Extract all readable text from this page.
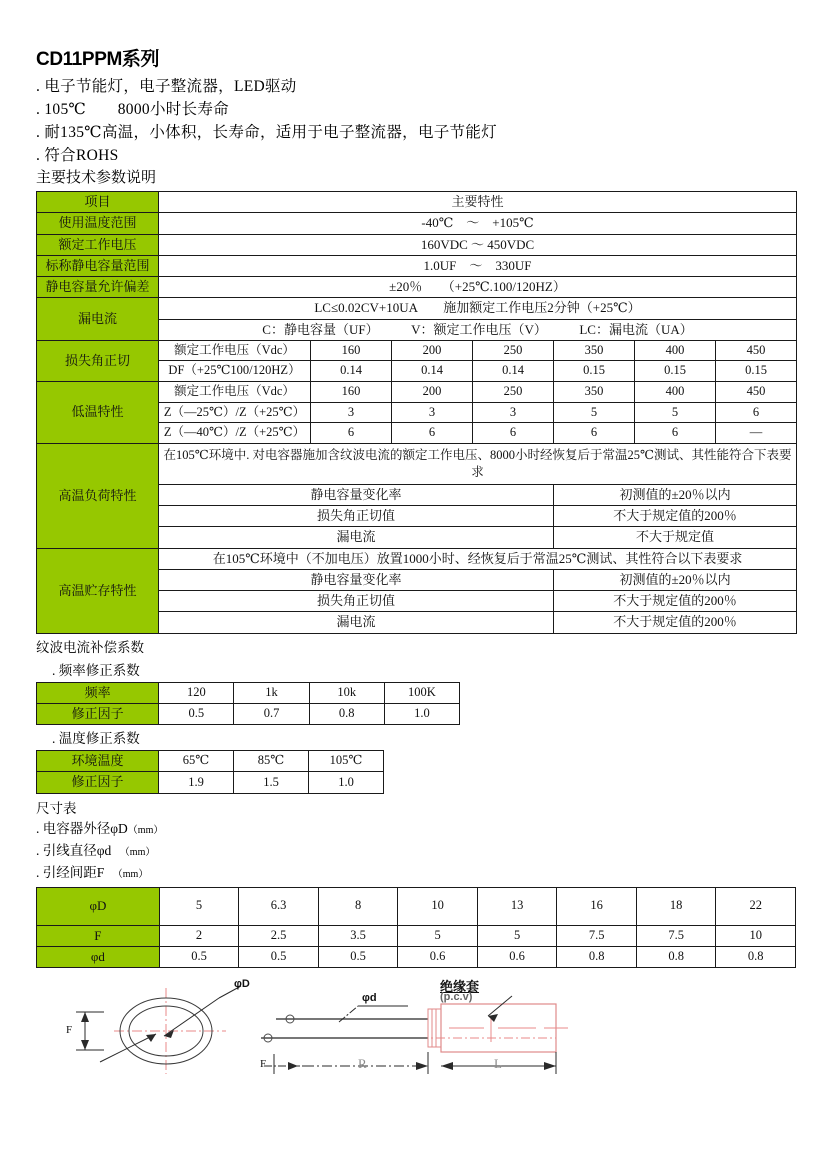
CD11PPM系列
. 电子节能灯，电子整流器，LED驱动
. 105℃　　8000小时长寿命
. 耐135℃高温，小体积，长寿命，适用于电子整流器，电子节能灯
. 符合ROHS
主要技术参数说明
项目	主要特性						
使用温度范围	-40℃　～　+105℃						
额定工作电压	160VDC ～ 450VDC						
标称静电容量范围	1.0UF　～　330UF						
静电容量允许偏差	±20％　　（+25℃.100/120HZ）						
漏电流	LC≤0.02CV+10UA　　施加额定工作电压2分钟（+25℃）						
	C：静电容量（UF）　　　V：额定工作电压（V）　　　LC：漏电流（UA）						
损失角正切	额定工作电压（Vdc）	160	200	250	350	400	450
	DF（+25℃100/120HZ）	0.14	0.14	0.14	0.15	0.15	0.15
低温特性	额定工作电压（Vdc）	160	200	250	350	400	450
	Z（—25℃）/Z（+25℃）	3	3	3	5	5	6
	Z（—40℃）/Z（+25℃）	6	6	6	6	6	—
高温负荷特性	在105℃环境中. 对电容器施加含纹波电流的额定工作电压、8000小时经恢复后于常温25℃测试、其性能符合下表要求						
	静电容量变化率				初测值的±20％以内		
	损失角正切值				不大于规定值的200％		
	漏电流				不大于规定值		
高温贮存特性	在105℃环境中（不加电压）放置1000小时、经恢复后于常温25℃测试、其性符合以下表要求						
	静电容量变化率				初测值的±20％以内		
	损失角正切值				不大于规定值的200％		
	漏电流				不大于规定值的200％		
纹波电流补偿系数
. 频率修正系数
频率	120	1k	10k	100K
修正因子	0.5	0.7	0.8	1.0
. 温度修正系数
环境温度	65℃	85℃	105℃
修正因子	1.9	1.5	1.0
尺寸表
. 电容器外径φD（mm）
. 引线直径φd　（mm）
. 引经间距F　（mm）
φD	5	6.3	8	10	13	16	18	22
F	2	2.5	3.5	5	5	7.5	7.5	10
φd	0.5	0.5	0.5	0.6	0.6	0.8	0.8	0.8
φD
F
φd
绝缘套
(p.c.v)
F	R	L
